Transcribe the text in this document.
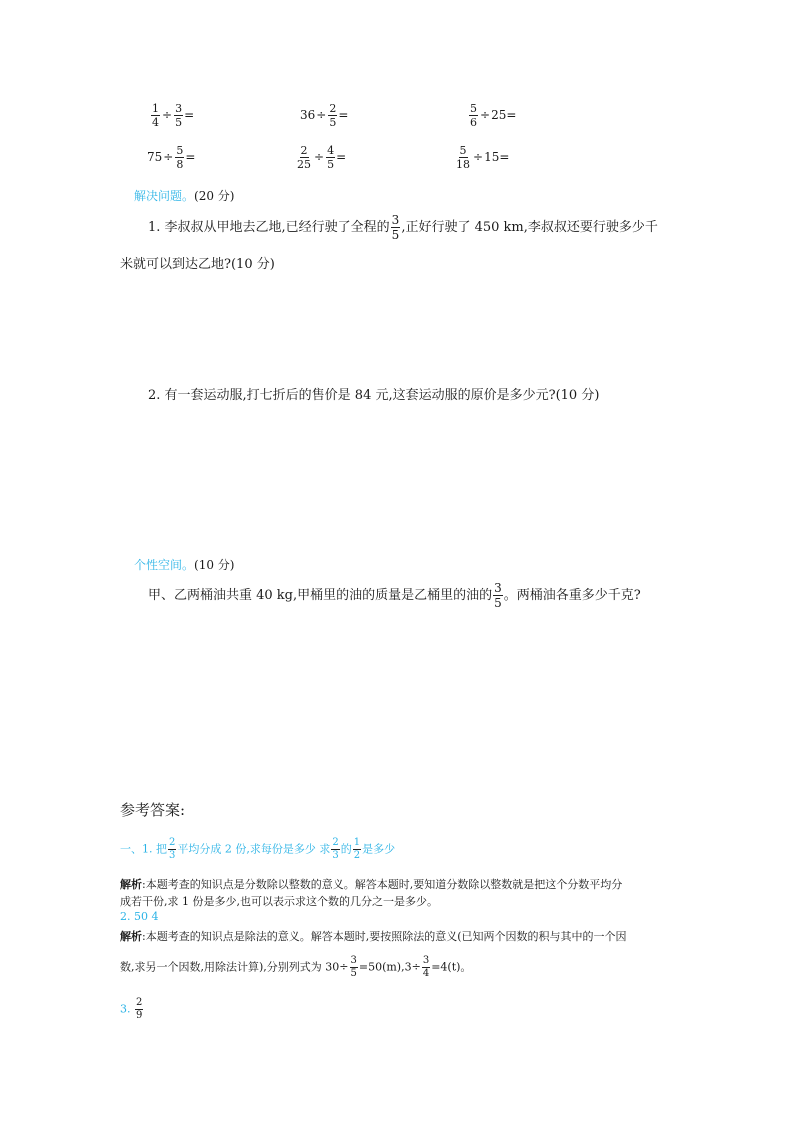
$\frac{1}{4} \div \frac{3}{5}$ =	$36\div \frac{2}{5}$ =	$\frac{5}{6} \div 25=$
$75\div \frac{5}{8}$ =	$\frac{2}{25} \div \frac{4}{5}$ =	$\frac{5}{18} \div 15=$
解决问题。(20 分)
1. 李叔叔从甲地去乙地,已经行驶了全程的 $\frac{3}{5}$ ,正好行驶了 450 km,李叔叔还要行驶多少千
米就可以到达乙地?(10 分)
2. 有一套运动服,打七折后的售价是 84 元,这套运动服的原价是多少元?(10 分)
个性空间。(10 分)
甲、乙两桶油共重 40 kg,甲桶里的油的质量是乙桶里的油的 $\frac{3}{5}$ 。两桶油各重多少千克?
参考答案:
一、1. 把 $\frac{2}{3}$ 平均分成 2 份,求每份是多少 求 $\frac{2}{3}$ 的 $\frac{1}{2}$ 是多少
解析:本题考查的知识点是分数除以整数的意义。解答本题时,要知道分数除以整数就是把这个分数平均分
成若干份,求 1 份是多少,也可以表示求这个数的几分之一是多少。
2. 50 4
解析:本题考查的知识点是除法的意义。解答本题时,要按照除法的意义(已知两个因数的积与其中的一个因
数,求另一个因数,用除法计算),分别列式为 $30\div \frac{3}{5} =50(m),3\div \frac{3}{4} =4(t)$。
3. $\frac{2}{9}$
